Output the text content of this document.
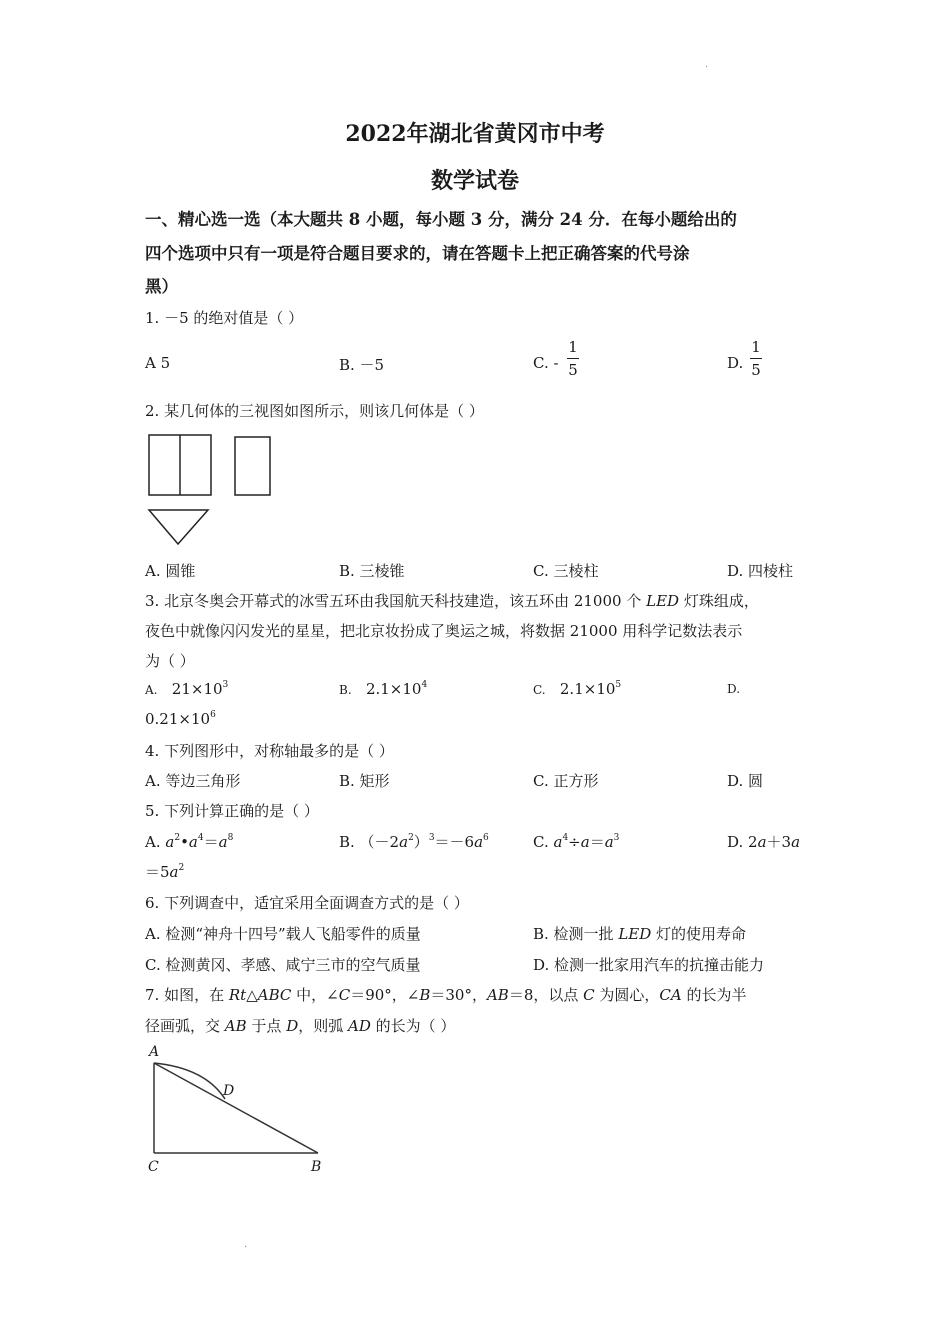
·
2022年湖北省黄冈市中考
数学试卷
一、精心选一选（本大题共 8 小题，每小题 3 分，满分 24 分．在每小题给出的
四个选项中只有一项是符合题目要求的，请在答题卡上把正确答案的代号涂
黑）
1. －5 的绝对值是（ ）
A 5	B. －5	C. -
1
5	D.
1
5
2. 某几何体的三视图如图所示，则该几何体是（ ）
A. 圆锥	B. 三棱锥	C. 三棱柱	D. 四棱柱
3. 北京冬奥会开幕式的冰雪五环由我国航天科技建造，该五环由 21000 个 LED 灯珠组成，
夜色中就像闪闪发光的星星，把北京妆扮成了奥运之城，将数据 21000 用科学记数法表示
为（ ）
A. $21\times 10^3$	B. $2.1\times 10^4$	C. $2.1\times 10^5$	D.
$0.21\times 10^6$
4. 下列图形中，对称轴最多的是（ ）
A. 等边三角形	B. 矩形	C. 正方形	D. 圆
5. 下列计算正确的是（ ）
A. $a^2•a^4=a^8$	B. $(-2a^2)^3=-6a^6$	C. $a^4\div a=a^3$	D. 2a＋3a
$=5a^2$
6. 下列调查中，适宜采用全面调查方式的是（ ）
A. 检测“神舟十四号”载人飞船零件的质量	B. 检测一批 LED 灯的使用寿命
C. 检测黄冈、孝感、咸宁三市的空气质量	D. 检测一批家用汽车的抗撞击能力
7. 如图，在 Rt△ABC 中，∠C＝90°，∠B＝30°，AB＝8，以点 C 为圆心，CA 的长为半
径画弧，交 AB 于点 D，则弧 AD 的长为（ ）
A
D
C	B
·
